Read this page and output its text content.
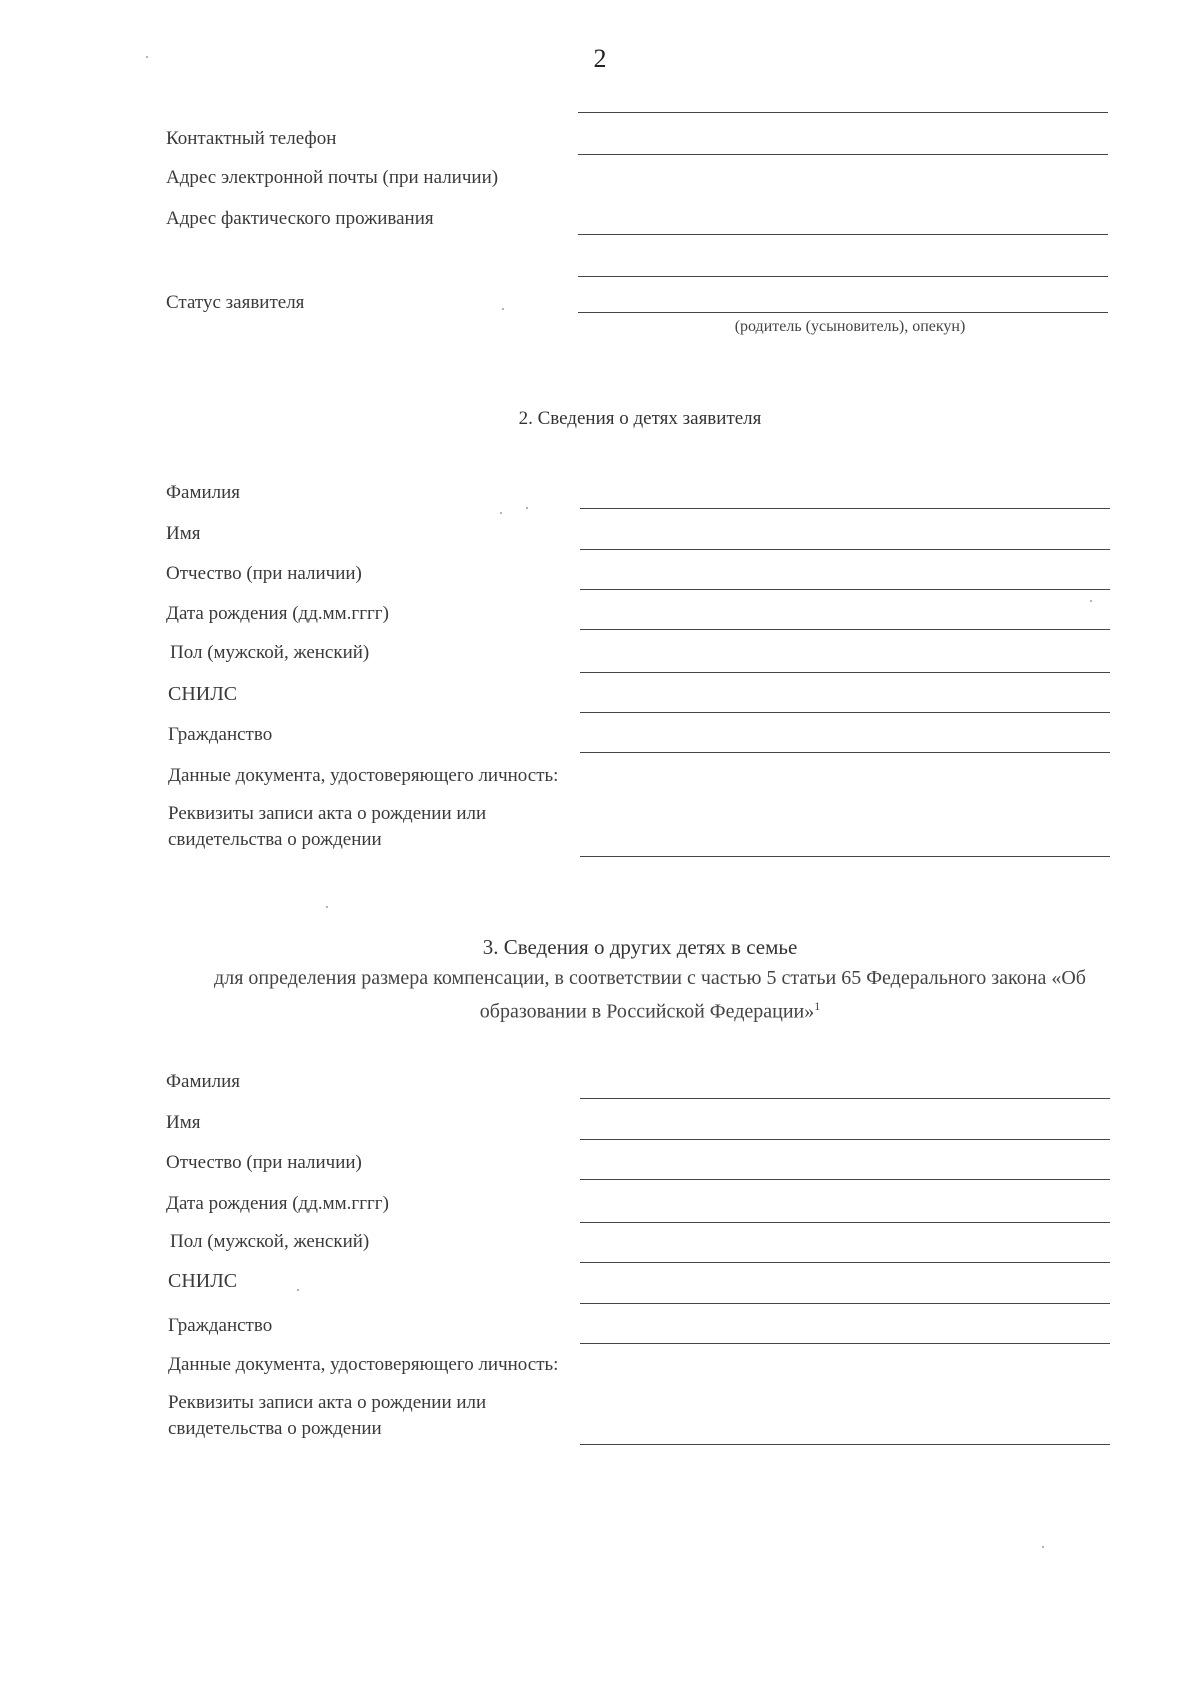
2
Контактный телефон
Адрес электронной почты (при наличии)
Адрес фактического проживания
Статус заявителя
(родитель (усыновитель), опекун)
2. Сведения о детях заявителя
Фамилия
Имя
Отчество (при наличии)
Дата рождения (дд.мм.гггг)
Пол (мужской, женский)
СНИЛС
Гражданство
Данные документа, удостоверяющего личность:
Реквизиты записи акта о рождении или свидетельства о рождении
3. Сведения о других детях в семье
для определения размера компенсации, в соответствии с частью 5 статьи 65 Федерального закона «Об образовании в Российской Федерации»$^1$
Фамилия
Имя
Отчество (при наличии)
Дата рождения (дд.мм.гггг)
Пол (мужской, женский)
СНИЛС
Гражданство
Данные документа, удостоверяющего личность:
Реквизиты записи акта о рождении или свидетельства о рождении
